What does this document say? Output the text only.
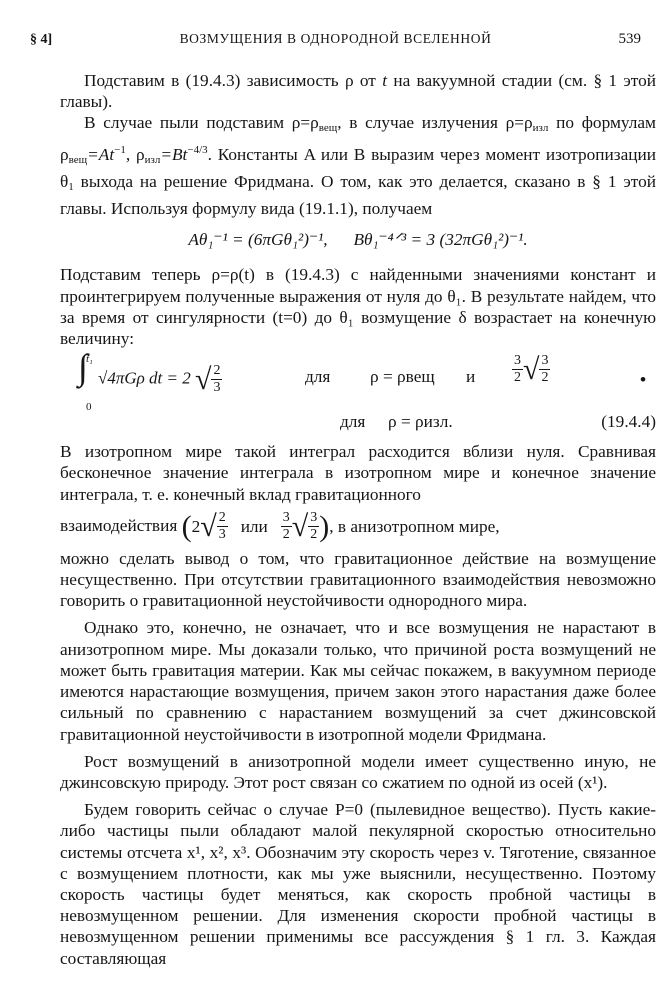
§ 4]	ВОЗМУЩЕНИЯ В ОДНОРОДНОЙ ВСЕЛЕННОЙ	539

Подставим в (19.4.3) зависимость ρ от t на вакуумной стадии (см. § 1 этой главы).

В случае пыли подставим $\rho=\rho_{вещ}$, в случае излучения $\rho=\rho_{изл}$ по формулам $\rho_{вещ}=At^{-1}$, $\rho_{изл}=Bt^{-4/3}$. Константы A или B выразим через момент изотропизации $\theta_1$ выхода на решение Фридмана. О том, как это делается, сказано в § 1 этой главы. Используя формулу вида (19.1.1), получаем

Aθ₁⁻¹ = (6πGθ₁²)⁻¹, Bθ₁⁻⁴ᐟ³ = 3 (32πGθ₁²)⁻¹.

Подставим теперь ρ=ρ(t) в (19.4.3) с найденными значениями констант и проинтегрируем полученные выражения от нуля до θ₁. В результате найдем, что за время от сингулярности (t=0) до θ₁ возмущение δ возрастает на конечную величину:

t₁
∫
0
√4πGρ dt = 2 √ $\frac{2}{3}$	для ρ = ρвещ и	$\frac{3}{2}$ √ $\frac{3}{2}$	•
для ρ = ρизл.	(19.4.4)

В изотропном мире такой интеграл расходится вблизи нуля. Сравнивая бесконечное значение интеграла в изотропном мире и конечное значение интеграла, т. е. конечный вклад гравитационного

взаимодействия ($2√ \frac{2}{3}$ или $\frac{3}{2}$ √ $\frac{3}{2}$ ), в анизотропном мире,

можно сделать вывод о том, что гравитационное действие на возмущение несущественно. При отсутствии гравитационного взаимодействия невозможно говорить о гравитационной неустойчивости однородного мира.

Однако это, конечно, не означает, что и все возмущения не нарастают в анизотропном мире. Мы доказали только, что причиной роста возмущений не может быть гравитация материи. Как мы сейчас покажем, в вакуумном периоде имеются нарастающие возмущения, причем закон этого нарастания даже более сильный по сравнению с нарастанием возмущений за счет джинсовской гравитационной неустойчивости в изотропной модели Фридмана.

Рост возмущений в анизотропной модели имеет существенно иную, не джинсовскую природу. Этот рост связан со сжатием по одной из осей (x¹).

Будем говорить сейчас о случае P=0 (пылевидное вещество). Пусть какие-либо частицы пыли обладают малой пекулярной скоростью относительно системы отсчета x¹, x², x³. Обозначим эту скорость через v. Тяготение, связанное с возмущением плотности, как мы уже выяснили, несущественно. Поэтому скорость частицы будет меняться, как скорость пробной частицы в невозмущенном решении. Для изменения скорости пробной частицы в невозмущенном решении применимы все рассуждения § 1 гл. 3. Каждая составляющая
